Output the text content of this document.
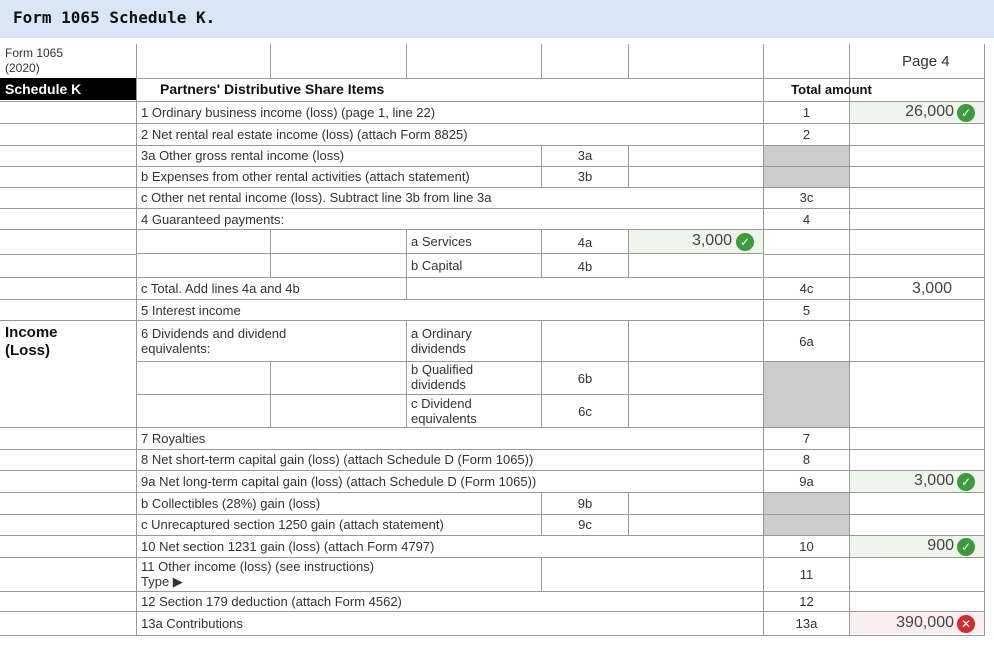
Form 1065 Schedule K.
Form 1065
(2020)	Page 4
Schedule K	Partners' Distributive Share Items	Total amount
Income
(Loss)
1 Ordinary business income (loss) (page 1, line 22)	1	26,000 ✓
2 Net rental real estate income (loss) (attach Form 8825)	2
3a Other gross rental income (loss)	3a
b Expenses from other rental activities (attach statement)	3b
c Other net rental income (loss). Subtract line 3b from line 3a	3c
4 Guaranteed payments:	4
a Services	4a	3,000 ✓
b Capital	4b
c Total. Add lines 4a and 4b	4c	3,000
5 Interest income	5
6 Dividends and dividend equivalents:
a Ordinary dividends	6a
b Qualified dividends	6b
c Dividend equivalents	6c
7 Royalties	7
8 Net short-term capital gain (loss) (attach Schedule D (Form 1065))	8
9a Net long-term capital gain (loss) (attach Schedule D (Form 1065))	9a	3,000 ✓
b Collectibles (28%) gain (loss)	9b
c Unrecaptured section 1250 gain (attach statement)	9c
10 Net section 1231 gain (loss) (attach Form 4797)	10	900 ✓
11 Other income (loss) (see instructions)
Type ▶	11
12 Section 179 deduction (attach Form 4562)	12
13a Contributions	13a	390,000 ✕
